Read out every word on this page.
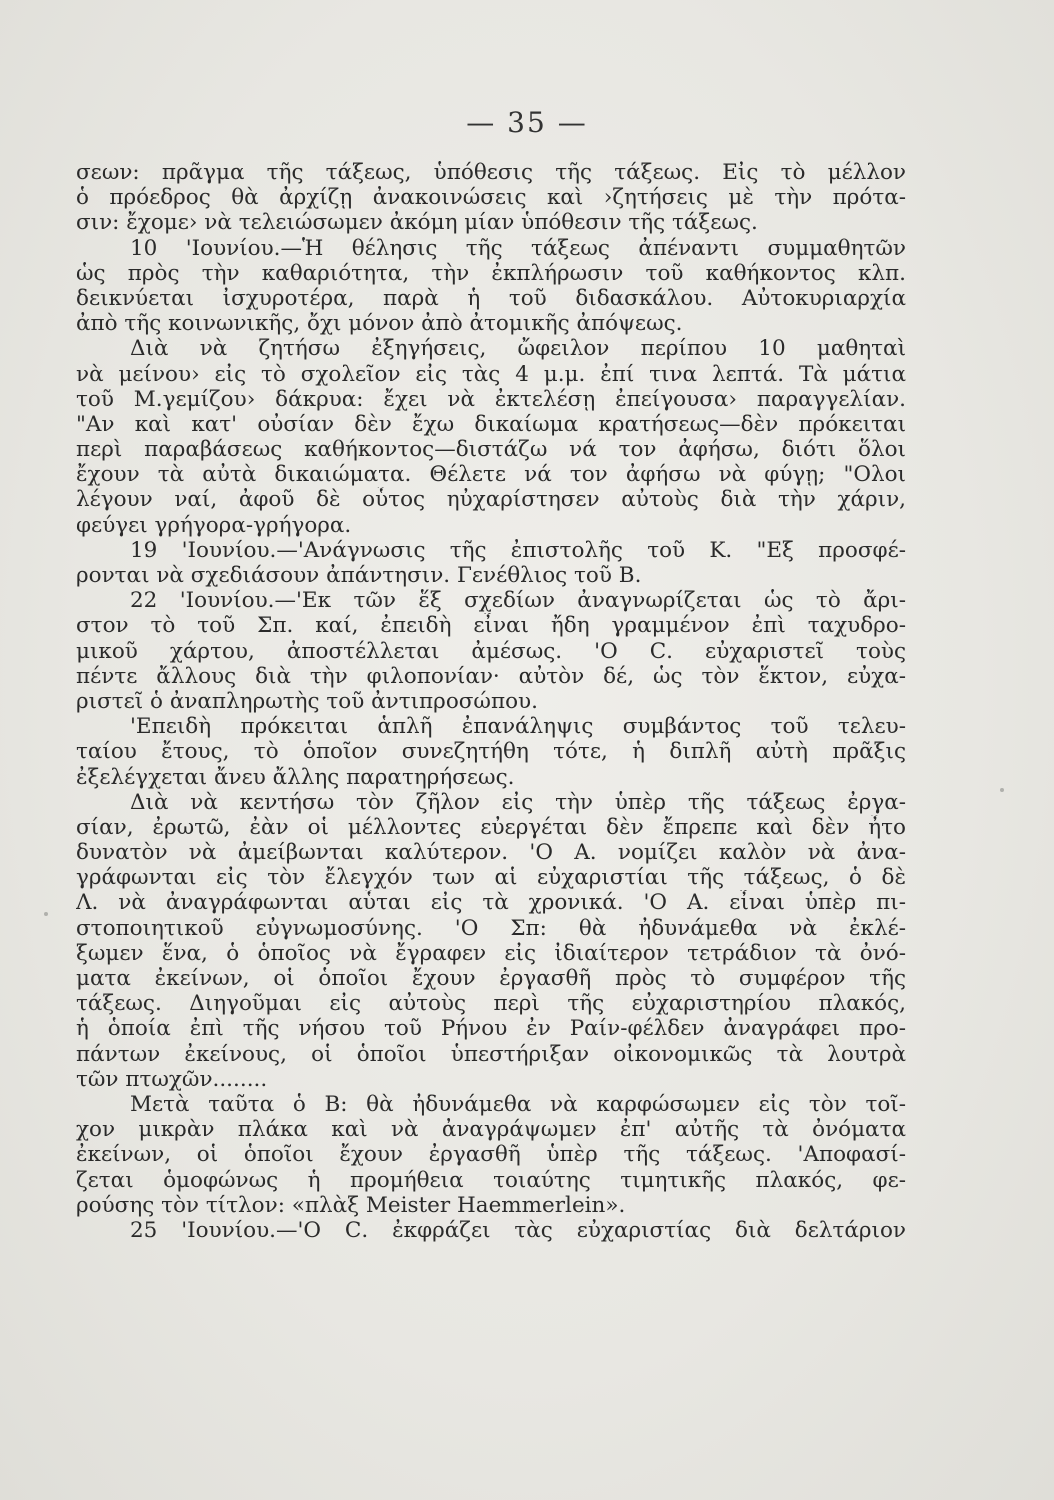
— 35 —
σεων: πρᾶγμα τῆς τάξεως, ὑπόθεσις τῆς τάξεως. Εἰς τὸ μέλλον
ὁ πρόεδρος θὰ ἀρχίζῃ ἀνακοινώσεις καὶ ›ζητήσεις μὲ τὴν πρότα-
σιν: ἔχομε› νὰ τελειώσωμεν ἀκόμη μίαν ὑπόθεσιν τῆς τάξεως.
10 'Ιουνίου.—Ἡ θέλησις τῆς τάξεως ἀπέναντι συμμαθητῶν
ὡς πρὸς τὴν καθαριότητα, τὴν ἐκπλήρωσιν τοῦ καθήκοντος κλπ.
δεικνύεται ἰσχυροτέρα, παρὰ ἡ τοῦ διδασκάλου. Αὐτοκυριαρχία
ἀπὸ τῆς κοινωνικῆς, ὄχι μόνον ἀπὸ ἀτομικῆς ἀπόψεως.
Διὰ νὰ ζητήσω ἐξηγήσεις, ὤφειλον περίπου 10 μαθηταὶ
νὰ μείνου› εἰς τὸ σχολεῖον εἰς τὰς 4 μ.μ. ἐπί τινα λεπτά. Τὰ μάτια
τοῦ Μ.γεμίζου› δάκρυα: ἔχει νὰ ἐκτελέσῃ ἐπείγουσα› παραγγελίαν.
"Αν καὶ κατ' οὐσίαν δὲν ἔχω δικαίωμα κρατήσεως—δὲν πρόκειται
περὶ παραβάσεως καθήκοντος—διστάζω νά τον ἀφήσω, διότι ὅλοι
ἔχουν τὰ αὐτὰ δικαιώματα. Θέλετε νά τον ἀφήσω νὰ φύγῃ; "Ολοι
λέγουν ναί, ἀφοῦ δὲ οὗτος ηὐχαρίστησεν αὐτοὺς διὰ τὴν χάριν,
φεύγει γρήγορα-γρήγορα.
19 'Ιουνίου.—'Ανάγνωσις τῆς ἐπιστολῆς τοῦ Κ. "Εξ προσφέ-
ρονται νὰ σχεδιάσουν ἀπάντησιν. Γενέθλιος τοῦ Β.
22 'Ιουνίου.—'Εκ τῶν ἕξ σχεδίων ἀναγνωρίζεται ὡς τὸ ἄρι-
στον τὸ τοῦ Σπ. καί, ἐπειδὴ εἶναι ἤδη γραμμένον ἐπὶ ταχυδρο-
μικοῦ χάρτου, ἀποστέλλεται ἀμέσως. 'Ο С. εὐχαριστεῖ τοὺς
πέντε ἄλλους διὰ τὴν φιλοπονίαν· αὐτὸν δέ, ὡς τὸν ἕκτον, εὐχα-
ριστεῖ ὁ ἀναπληρωτὴς τοῦ ἀντιπροσώπου.
'Επειδὴ πρόκειται ἁπλῆ ἐπανάληψις συμβάντος τοῦ τελευ-
ταίου ἔτους, τὸ ὁποῖον συνεζητήθη τότε, ἡ διπλῆ αὐτὴ πρᾶξις
ἐξελέγχεται ἄνευ ἄλλης παρατηρήσεως.
Διὰ νὰ κεντήσω τὸν ζῆλον εἰς τὴν ὑπὲρ τῆς τάξεως ἐργα-
σίαν, ἐρωτῶ, ἐὰν οἱ μέλλοντες εὐεργέται δὲν ἔπρεπε καὶ δὲν ἦτο
δυνατὸν νὰ ἀμείβωνται καλύτερον. 'Ο Α. νομίζει καλὸν νὰ ἀνα-
γράφωνται εἰς τὸν ἔλεγχόν των αἱ εὐχαριστίαι τῆς τάξεως, ὁ δὲ
Λ. νὰ ἀναγράφωνται αὗται εἰς τὰ χρονικά. 'Ο Α. εἶναι ὑπὲρ πι-
στοποιητικοῦ εὐγνωμοσύνης. 'Ο Σπ: θὰ ἠδυνάμεθα νὰ ἐκλέ-
ξωμεν ἕνα, ὁ ὁποῖος νὰ ἔγραφεν εἰς ἰδιαίτερον τετράδιον τὰ ὀνό-
ματα ἐκείνων, οἱ ὁποῖοι ἔχουν ἐργασθῆ πρὸς τὸ συμφέρον τῆς
τάξεως. Διηγοῦμαι εἰς αὐτοὺς περὶ τῆς εὐχαριστηρίου πλακός,
ἡ ὁποία ἐπὶ τῆς νήσου τοῦ Ρήνου ἐν Ραίν-φέλδεν ἀναγράφει προ-
πάντων ἐκείνους, οἱ ὁποῖοι ὑπεστήριξαν οἰκονομικῶς τὰ λουτρὰ
τῶν πτωχῶν........
Μετὰ ταῦτα ὁ Β: θὰ ἠδυνάμεθα νὰ καρφώσωμεν εἰς τὸν τοῖ-
χον μικρὰν πλάκα καὶ νὰ ἀναγράψωμεν ἐπ' αὐτῆς τὰ ὀνόματα
ἐκείνων, οἱ ὁποῖοι ἔχουν ἐργασθῆ ὑπὲρ τῆς τάξεως. 'Αποφασί-
ζεται ὁμοφώνως ἡ προμήθεια τοιαύτης τιμητικῆς πλακός, φε-
ρούσης τὸν τίτλον: «πλὰξ Meister Haemmerlein».
25 'Ιουνίου.—'Ο С. ἐκφράζει τὰς εὐχαριστίας διὰ δελτάριον
